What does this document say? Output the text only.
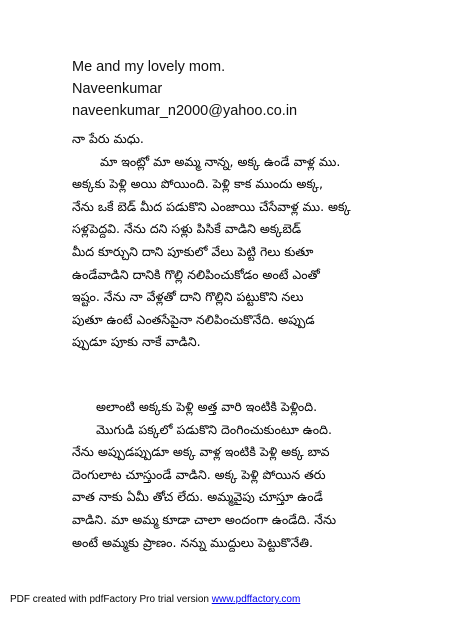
Me and my lovely mom.
Naveenkumar
naveenkumar_n2000@yahoo.co.in
నా పేరు మధు.
మా ఇంట్లో మా అమ్మ నాన్న, అక్క ఉండే వాళ్ల ము.
అక్కకు పెళ్లి అయి పోయింది. పెళ్లి కాక ముందు అక్క,
నేను ఒకే బెడ్ మీద పడుకొని ఎంజాయి చేసేవాళ్ల ము. అక్క
సళ్లపెద్దవి. నేను దని సళ్లు పిసికే వాడిని అక్కబెడ్
మీద కూర్చుని దాని పూకులో వేలు పెట్టి గెలు కుతూ
ఉండేవాడిని దానికి గొల్లి నలిపించుకోడం అంటే ఎంతో
ఇష్టం. నేను నా వేళ్లతో దాని గొల్లిని పట్టుకొని నలు
పుతూ ఉంటే ఎంతసేపైనా నలిపించుకొనేది. అప్పుడ
ప్పుడూ పూకు నాకే వాడిని.
అలాంటి అక్కకు పెళ్లి అత్త వారి ఇంటికి పెళ్లింది.
మొగుడి పక్కలో పడుకొని దెంగించుకుంటూ ఉంది.
నేను అప్పుడప్పుడూ అక్క వాళ్ల ఇంటికి పెళ్లి అక్క బావ
దెంగులాట చూస్తుండే వాడిని. అక్క పెళ్లి పోయిన తరు
వాత నాకు ఏమీ తోచ లేదు. అమ్మవైపు చూస్తూ ఉండే
వాడిని. మా అమ్మ కూడా చాలా అందంగా ఉండేది. నేను
అంటే అమ్మకు ప్రాణం. నన్ను ముద్దులు పెట్టుకొనేతి.
PDF created with pdfFactory Pro trial version www.pdffactory.com
